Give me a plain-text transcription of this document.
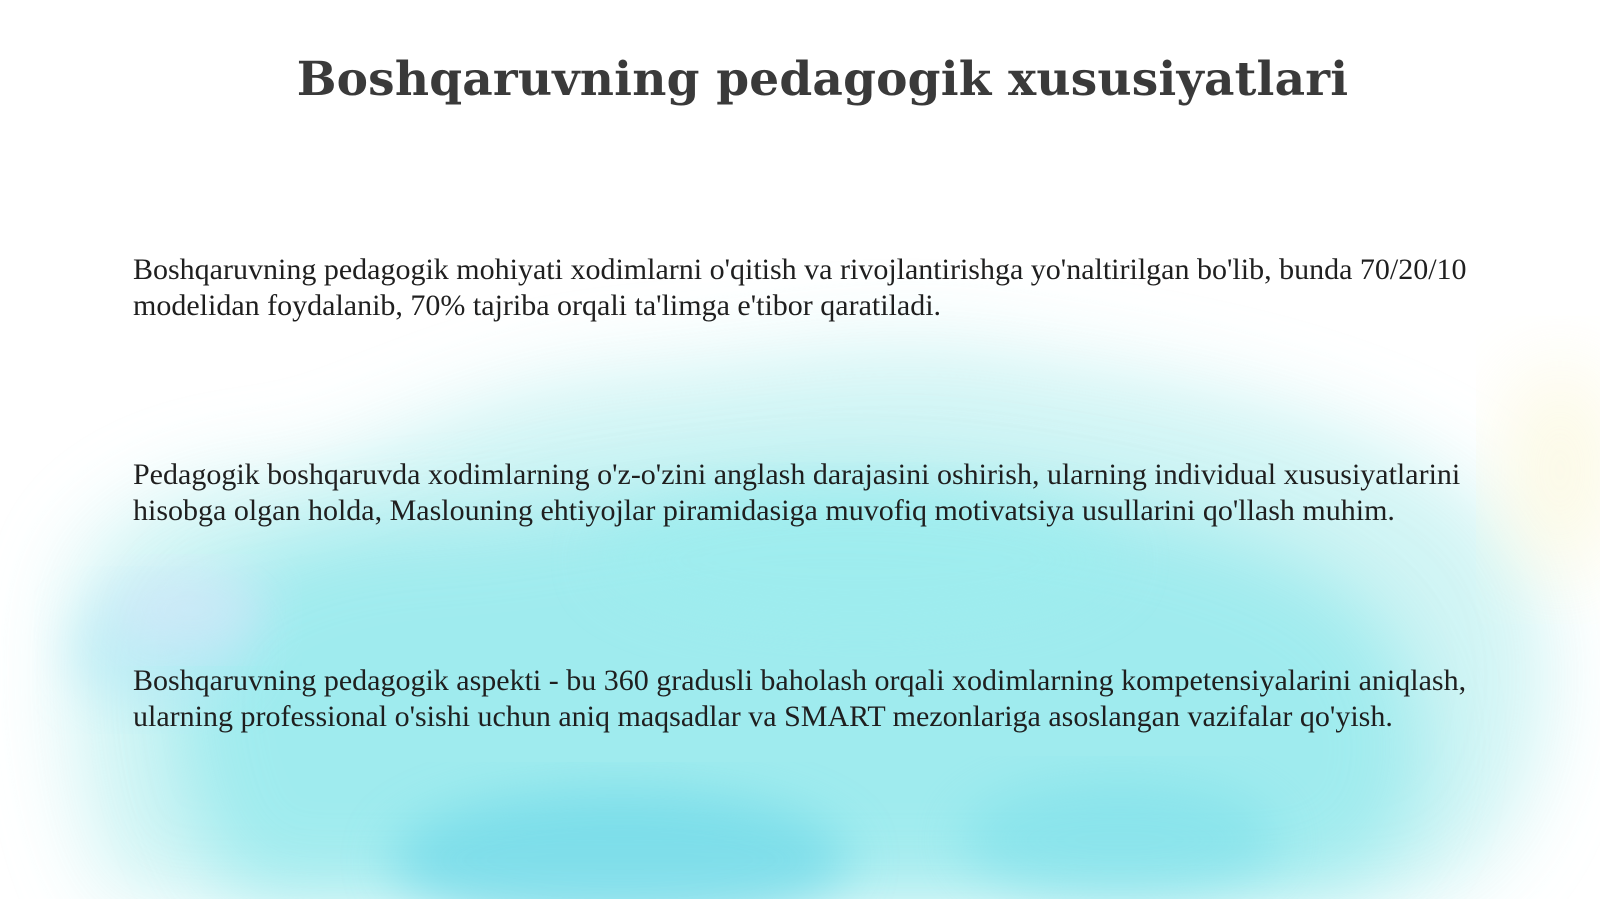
Boshqaruvning pedagogik xususiyatlari
Boshqaruvning pedagogik mohiyati xodimlarni o'qitish va rivojlantirishga yo'naltirilgan bo'lib, bunda 70/20/10 modelidan foydalanib, 70% tajriba orqali ta'limga e'tibor qaratiladi.
Pedagogik boshqaruvda xodimlarning o'z-o'zini anglash darajasini oshirish, ularning individual xususiyatlarini hisobga olgan holda, Maslouning ehtiyojlar piramidasiga muvofiq motivatsiya usullarini qo'llash muhim.
Boshqaruvning pedagogik aspekti - bu 360 gradusli baholash orqali xodimlarning kompetensiyalarini aniqlash, ularning professional o'sishi uchun aniq maqsadlar va SMART mezonlariga asoslangan vazifalar qo'yish.
